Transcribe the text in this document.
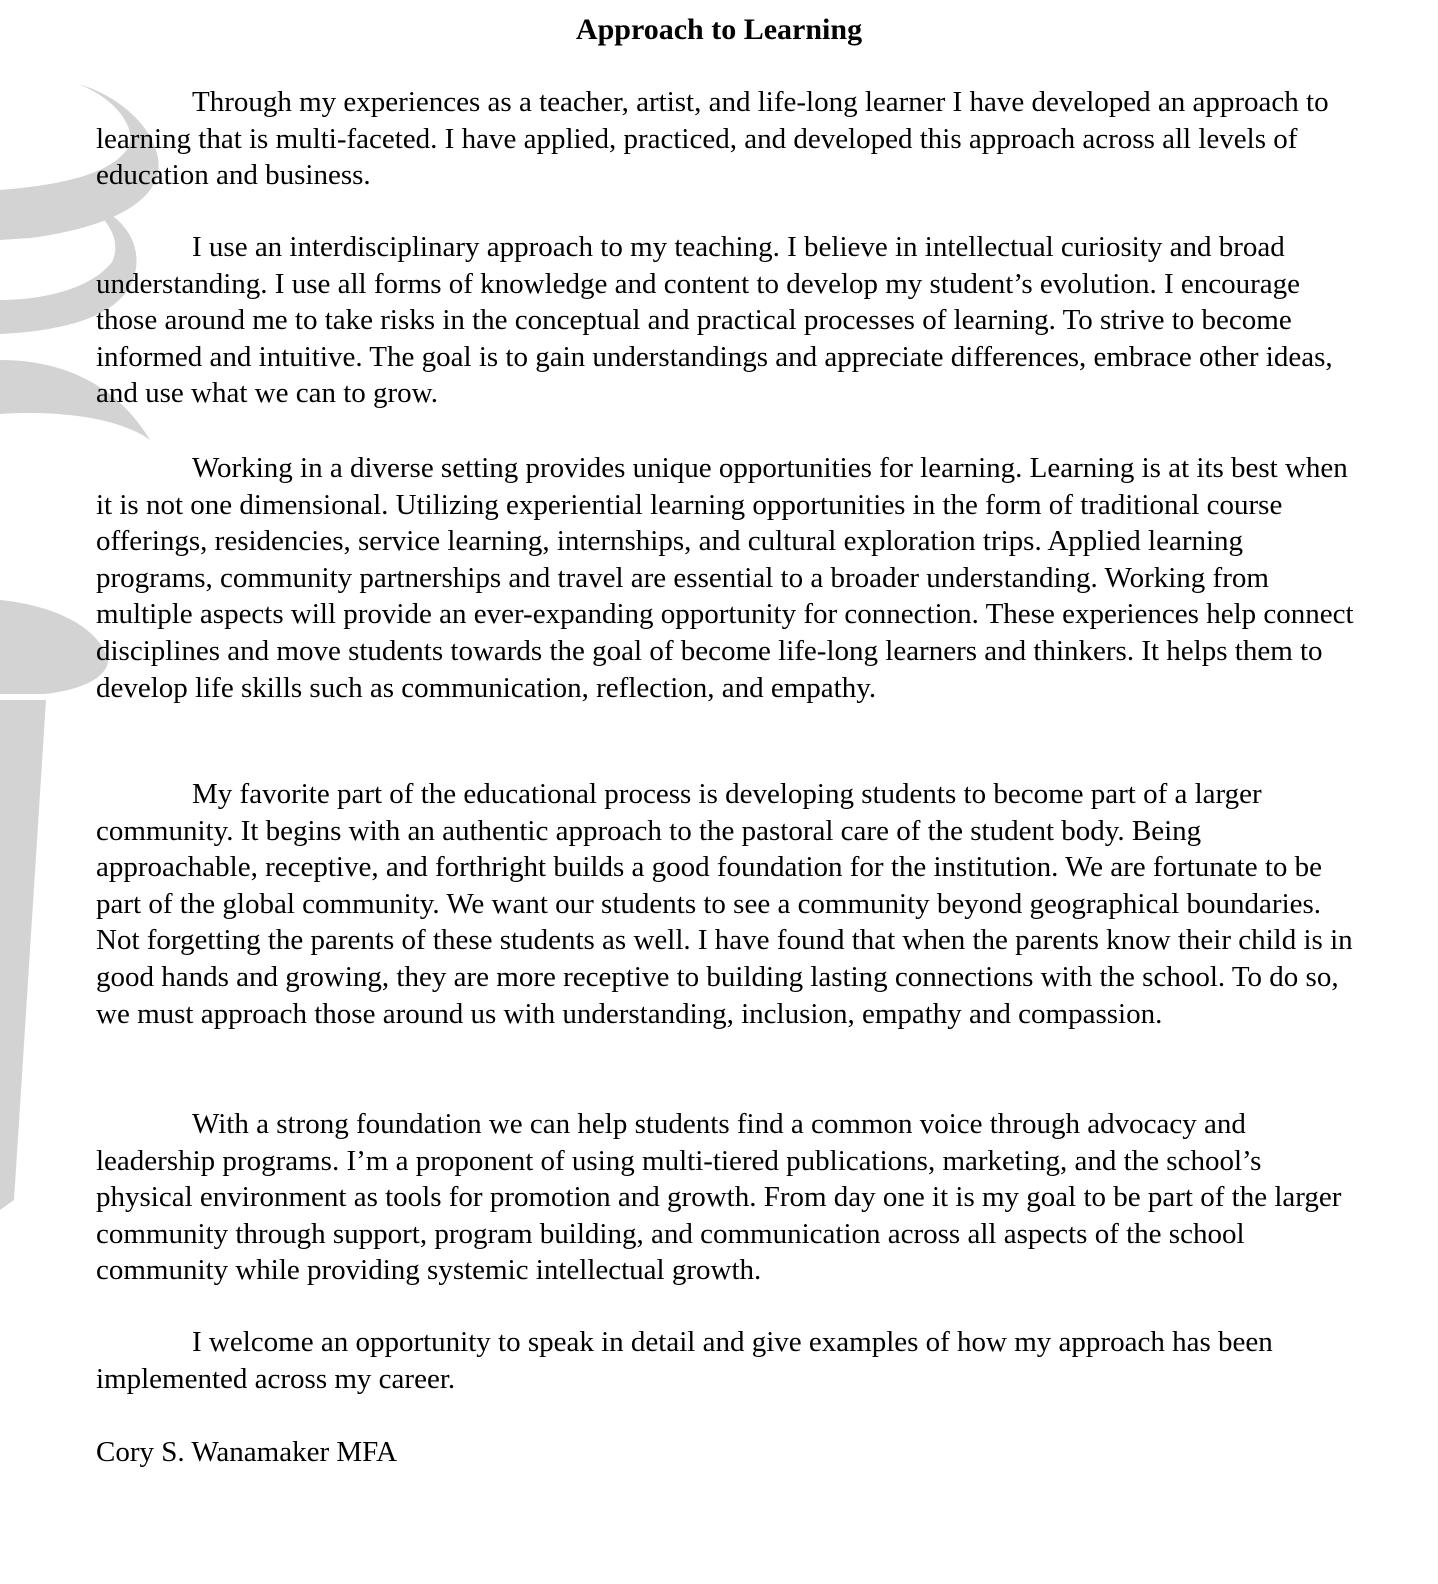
Approach to Learning

Through my experiences as a teacher, artist, and life-long learner I have developed an approach to learning that is multi-faceted. I have applied, practiced, and developed this approach across all levels of education and business.

I use an interdisciplinary approach to my teaching. I believe in intellectual curiosity and broad understanding. I use all forms of knowledge and content to develop my student’s evolution. I encourage those around me to take risks in the conceptual and practical processes of learning. To strive to become informed and intuitive. The goal is to gain understandings and appreciate differences, embrace other ideas, and use what we can to grow.

Working in a diverse setting provides unique opportunities for learning. Learning is at its best when it is not one dimensional. Utilizing experiential learning opportunities in the form of traditional course offerings, residencies, service learning, internships, and cultural exploration trips. Applied learning programs, community partnerships and travel are essential to a broader understanding. Working from multiple aspects will provide an ever-expanding opportunity for connection. These experiences help connect disciplines and move students towards the goal of become life-long learners and thinkers. It helps them to develop life skills such as communication, reflection, and empathy.

My favorite part of the educational process is developing students to become part of a larger community. It begins with an authentic approach to the pastoral care of the student body. Being approachable, receptive, and forthright builds a good foundation for the institution. We are fortunate to be part of the global community. We want our students to see a community beyond geographical boundaries. Not forgetting the parents of these students as well. I have found that when the parents know their child is in good hands and growing, they are more receptive to building lasting connections with the school. To do so, we must approach those around us with understanding, inclusion, empathy and compassion.

With a strong foundation we can help students find a common voice through advocacy and leadership programs. I’m a proponent of using multi-tiered publications, marketing, and the school’s physical environment as tools for promotion and growth. From day one it is my goal to be part of the larger community through support, program building, and communication across all aspects of the school community while providing systemic intellectual growth.

I welcome an opportunity to speak in detail and give examples of how my approach has been implemented across my career.

Cory S. Wanamaker MFA
